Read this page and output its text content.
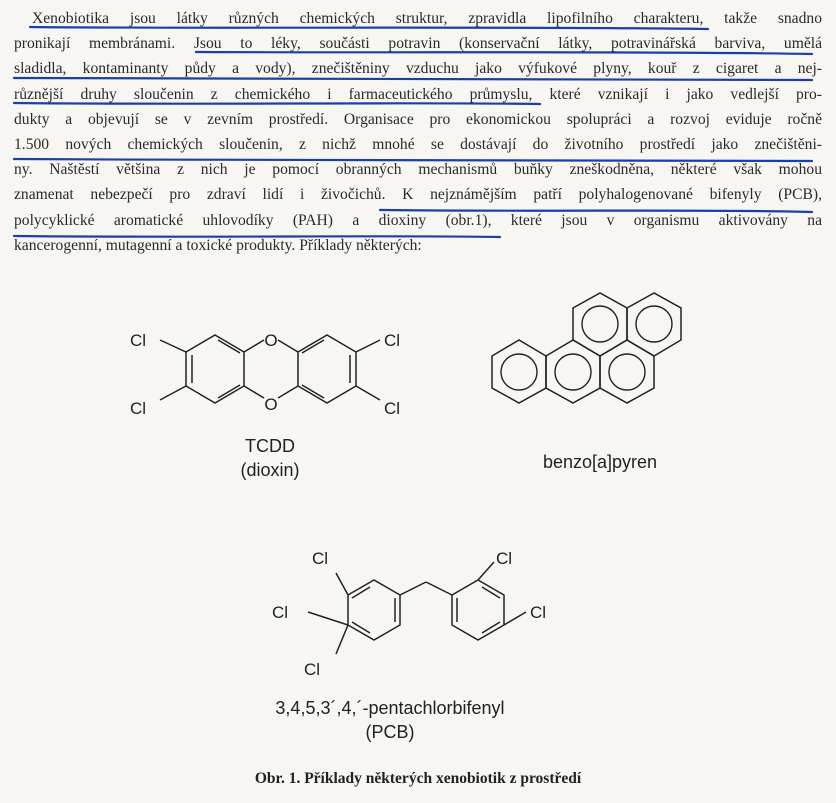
Xenobiotika jsou látky různých chemických struktur, zpravidla lipofilního charakteru, takže snadno
pronikají membránami. Jsou to léky, součásti potravin (konservační látky, potravinářská barviva, umělá
sladidla, kontaminanty půdy a vody), znečištěniny vzduchu jako výfukové plyny, kouř z cigaret a nej-
různější druhy sloučenin z chemického i farmaceutického průmyslu, které vznikají i jako vedlejší pro-
dukty a objevují se v zevním prostředí. Organisace pro ekonomickou spolupráci a rozvoj eviduje ročně
1.500 nových chemických sloučenin, z nichž mnohé se dostávají do životního prostředí jako znečištěni-
ny. Naštěstí většina z nich je pomocí obranných mechanismů buňky zneškodněna, některé však mohou
znamenat nebezpečí pro zdraví lidí i živočichů. K nejznámějším patří polyhalogenované bifenyly (PCB),
polycyklické aromatické uhlovodíky (PAH) a dioxiny (obr.1), které jsou v organismu aktivovány na
kancerogenní, mutagenní a toxické produkty. Příklady některých:
O
O
Cl
Cl
Cl
Cl
TCDD
(dioxin)	benzo[a]pyren
Cl
Cl
Cl
Cl
Cl
3,4,5,3´,4,´-pentachlorbifenyl
(PCB)
Obr. 1. Příklady některých xenobiotik z prostředí
